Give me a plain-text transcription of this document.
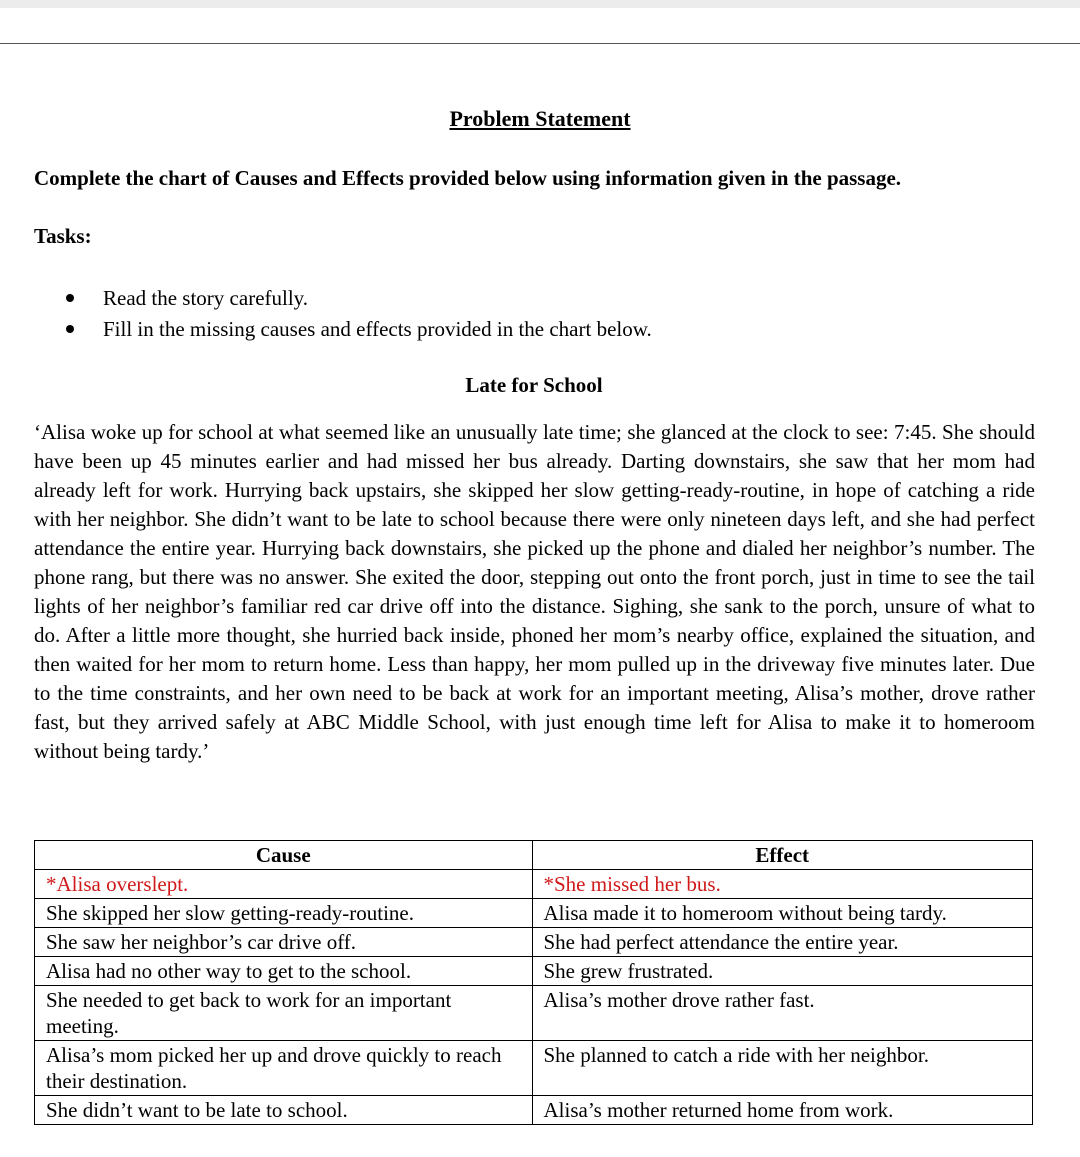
Problem Statement
Complete the chart of Causes and Effects provided below using information given in the passage.
Tasks:
Read the story carefully.
Fill in the missing causes and effects provided in the chart below.
Late for School

‘Alisa woke up for school at what seemed like an unusually late time; she glanced at the clock to see: 7:45. She should have been up 45 minutes earlier and had missed her bus already. Darting downstairs, she saw that her mom had already left for work. Hurrying back upstairs, she skipped her slow getting-ready-routine, in hope of catching a ride with her neighbor. She didn’t want to be late to school because there were only nineteen days left, and she had perfect attendance the entire year. Hurrying back downstairs, she picked up the phone and dialed her neighbor’s number. The phone rang, but there was no answer. She exited the door, stepping out onto the front porch, just in time to see the tail lights of her neighbor’s familiar red car drive off into the distance. Sighing, she sank to the porch, unsure of what to do. After a little more thought, she hurried back inside, phoned her mom’s nearby office, explained the situation, and then waited for her mom to return home. Less than happy, her mom pulled up in the driveway five minutes later. Due to the time constraints, and her own need to be back at work for an important meeting, Alisa’s mother, drove rather fast, but they arrived safely at ABC Middle School, with just enough time left for Alisa to make it to homeroom without being tardy.’

Cause	Effect
*Alisa overslept.	*She missed her bus.
She skipped her slow getting-ready-routine.	Alisa made it to homeroom without being tardy.
She saw her neighbor’s car drive off.	She had perfect attendance the entire year.
Alisa had no other way to get to the school.	She grew frustrated.
She needed to get back to work for an important meeting.	Alisa’s mother drove rather fast.
Alisa’s mom picked her up and drove quickly to reach their destination.	She planned to catch a ride with her neighbor.
She didn’t want to be late to school.	Alisa’s mother returned home from work.
